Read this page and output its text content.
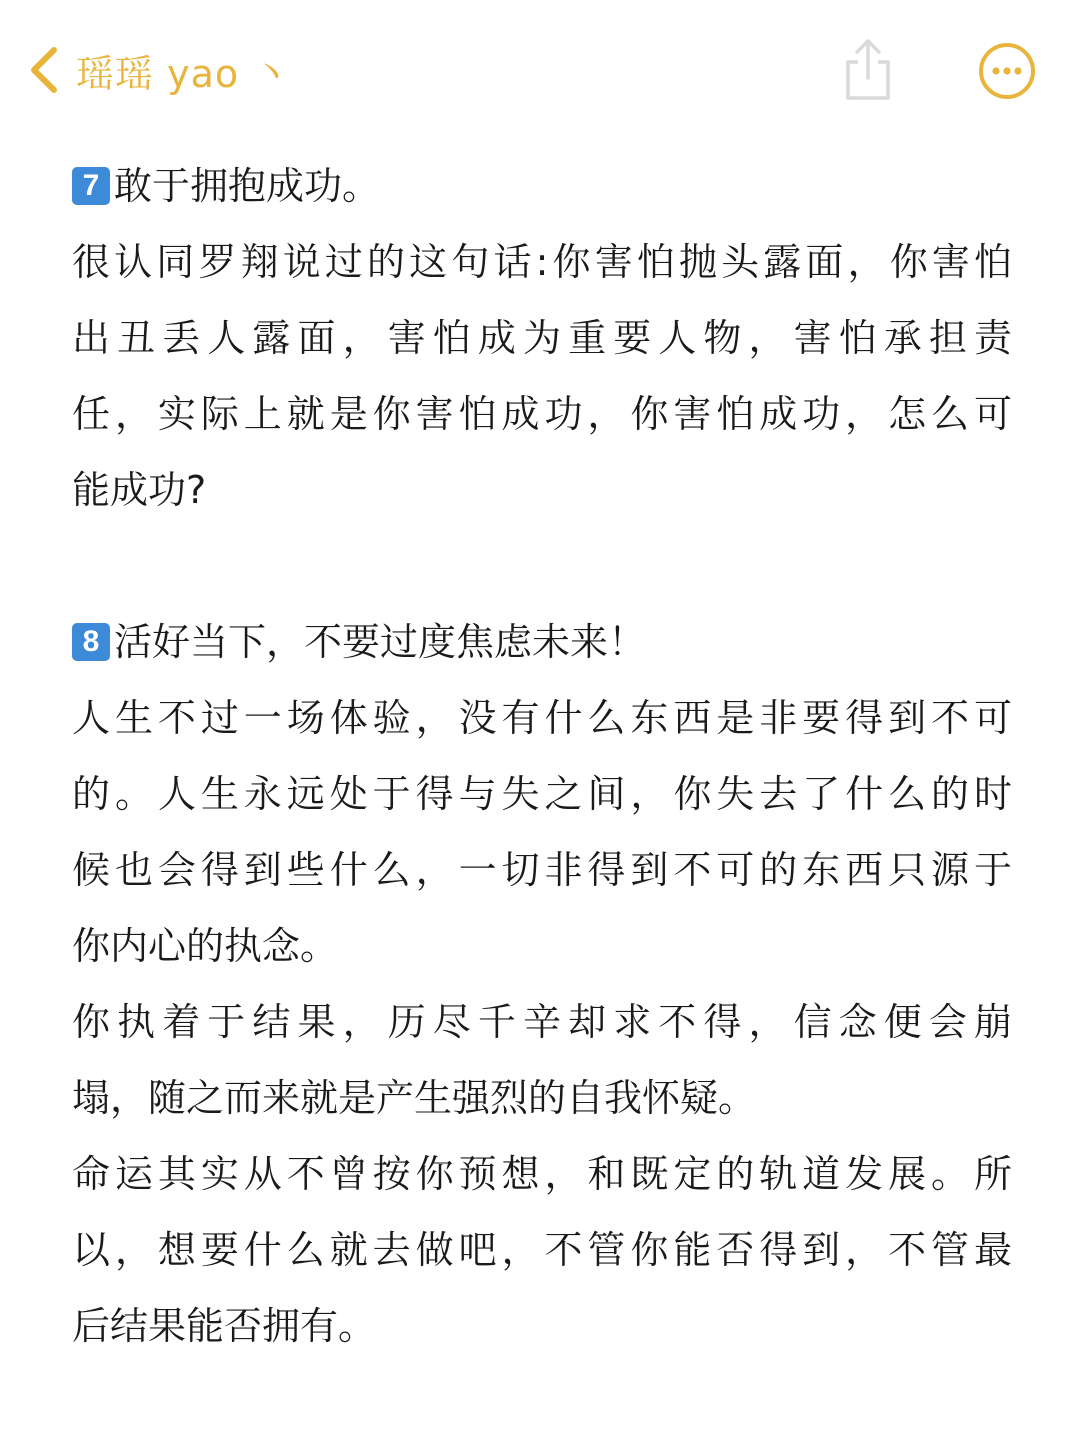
瑶瑶 yao 丶
7 敢于拥抱成功。
很认同罗翔说过的这句话:你害怕抛头露面，你害怕
出丑丢人露面，害怕成为重要人物，害怕承担责
任，实际上就是你害怕成功，你害怕成功，怎么可
能成功?
8 活好当下，不要过度焦虑未来！
人生不过一场体验，没有什么东西是非要得到不可
的。人生永远处于得与失之间，你失去了什么的时
候也会得到些什么，一切非得到不可的东西只源于
你内心的执念。
你执着于结果，历尽千辛却求不得，信念便会崩
塌，随之而来就是产生强烈的自我怀疑。
命运其实从不曾按你预想，和既定的轨道发展。所
以，想要什么就去做吧，不管你能否得到，不管最
后结果能否拥有。
